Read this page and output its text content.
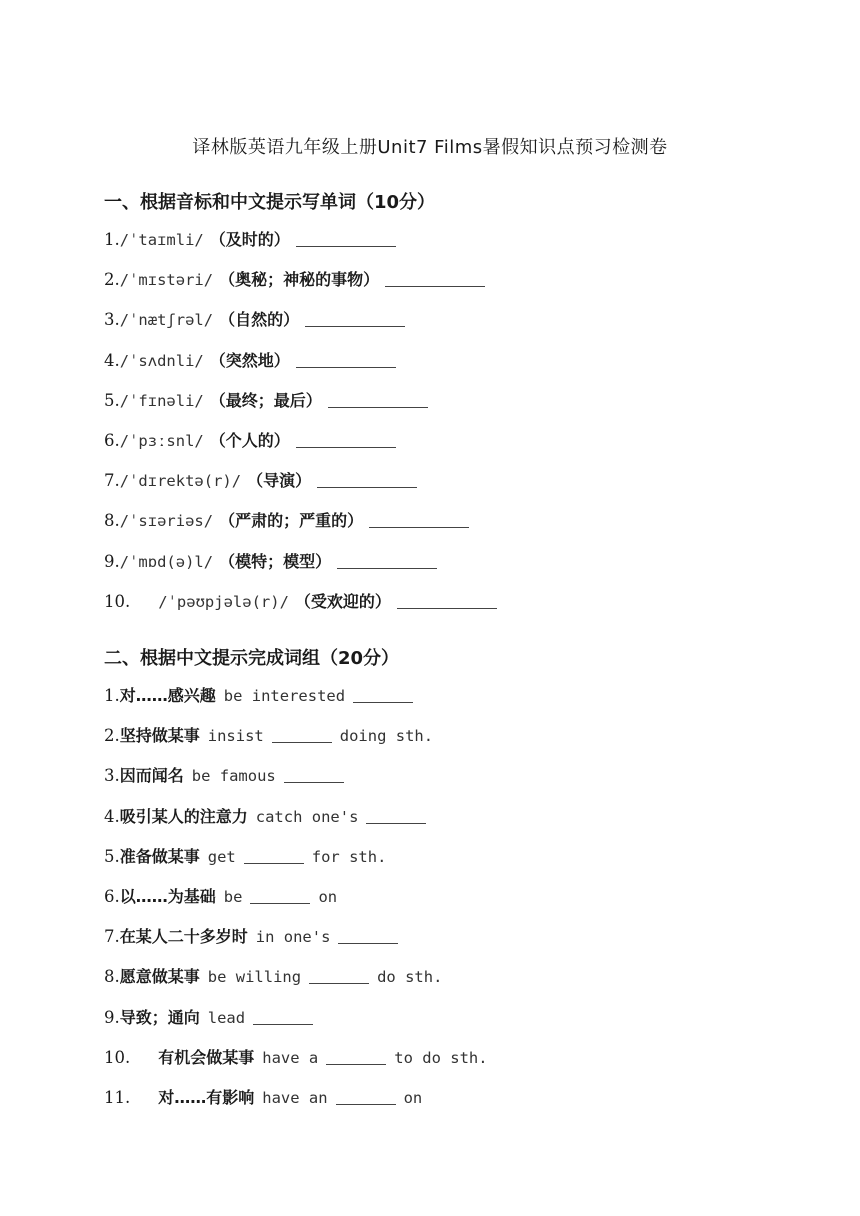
译林版英语九年级上册Unit7 Films暑假知识点预习检测卷
一、根据音标和中文提示写单词（10分）
1./ˈtaɪmli/ （及时的）
2./ˈmɪstəri/ （奥秘；神秘的事物）
3./ˈnætʃrəl/ （自然的）
4./ˈsʌdnli/ （突然地）
5./ˈfɪnəli/ （最终；最后）
6./ˈpɜːsnl/ （个人的）
7./ˈdɪrektə(r)/ （导演）
8./ˈsɪəriəs/ （严肃的；严重的）
9./ˈmɒd(ə)l/ （模特；模型）
10. /ˈpəʊpjələ(r)/ （受欢迎的）
二、根据中文提示完成词组（20分）
1.对……感兴趣 be interested
2.坚持做某事 insist	doing sth.
3.因而闻名 be famous
4.吸引某人的注意力 catch one's
5.准备做某事 get	for sth.
6.以……为基础 be	on
7.在某人二十多岁时 in one's
8.愿意做某事 be willing	do sth.
9.导致；通向 lead
10. 有机会做某事 have a	to do sth.
11. 对……有影响 have an	on
